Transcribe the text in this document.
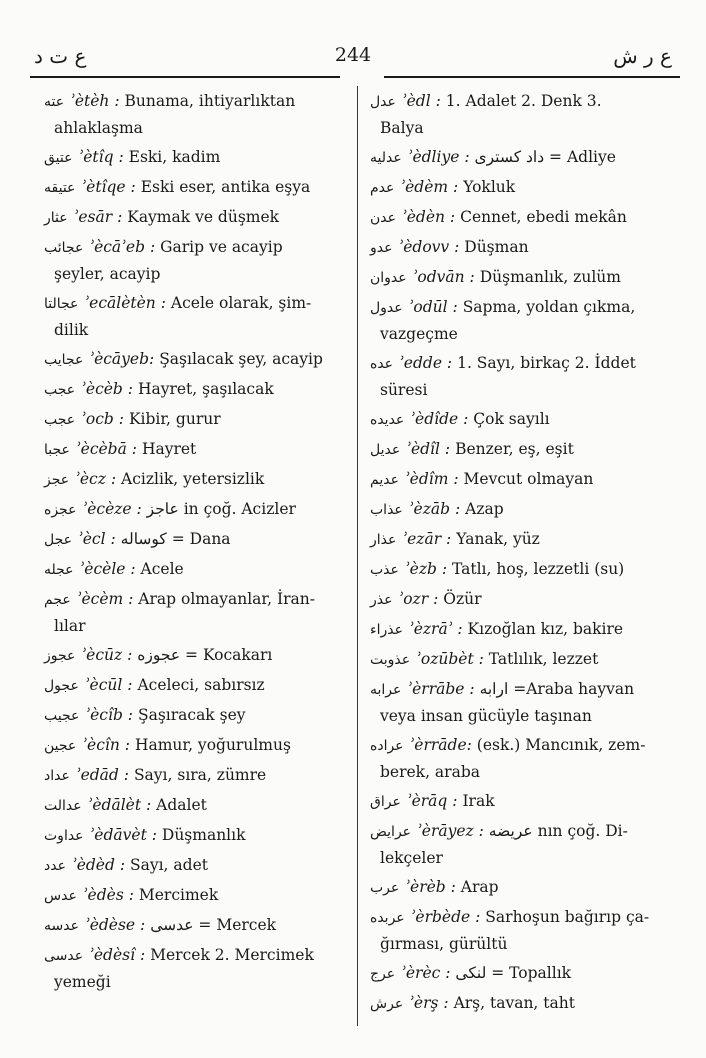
ع ت د	244	ع ر ش
عته ʾètèh : Bunama, ihtiyarlıktan
ahlaklaşma
عتيق ʾètîq : Eski, kadim
عتيقه ʾètîqe : Eski eser, antika eşya
عثار ʾesār : Kaymak ve düşmek
عجائب ʾècāʾeb : Garip ve acayip
şeyler, acayip
عجالتا ʾecālètèn : Acele olarak, şim-
dilik
عجايب ʾècāyeb: Şaşılacak şey, acayip
عجب ʾècèb : Hayret, şaşılacak
عجب ʾocb : Kibir, gurur
عجبا ʾècèbā : Hayret
عجز ʾècz : Acizlik, yetersizlik
عجزه ʾècèze : عاجز in çoğ. Acizler
عجل ʾècl : كوساله = Dana
عجله ʾècèle : Acele
عجم ʾècèm : Arap olmayanlar, İran-
lılar
عجوز ʾècūz : عجوزه = Kocakarı
عجول ʾècūl : Aceleci, sabırsız
عجيب ʾècîb : Şaşıracak şey
عجين ʾècîn : Hamur, yoğurulmuş
عداد ʾedād : Sayı, sıra, zümre
عدالت ʾèdālèt : Adalet
عداوت ʾèdāvèt : Düşmanlık
عدد ʾèdèd : Sayı, adet
عدس ʾèdès : Mercimek
عدسه ʾèdèse : عدسى = Mercek
عدسى ʾèdèsî : Mercek 2. Mercimek
yemeği
عدل ʾèdl : 1. Adalet 2. Denk 3.
Balya
عدليه ʾèdliye : داد كسترى = Adliye
عدم ʾèdèm : Yokluk
عدن ʾèdèn : Cennet, ebedi mekân
عدو ʾèdovv : Düşman
عدوان ʾodvān : Düşmanlık, zulüm
عدول ʾodūl : Sapma, yoldan çıkma,
vazgeçme
عده ʾedde : 1. Sayı, birkaç 2. İddet
süresi
عديده ʾèdîde : Çok sayılı
عديل ʾèdîl : Benzer, eş, eşit
عديم ʾèdîm : Mevcut olmayan
عذاب ʾèzāb : Azap
عذار ʾezār : Yanak, yüz
عذب ʾèzb : Tatlı, hoş, lezzetli (su)
عذر ʾozr : Özür
عذراء ʾèzrāʾ : Kızoğlan kız, bakire
عذوبت ʾozūbèt : Tatlılık, lezzet
عرابه ʾèrrābe : ارابه =Araba hayvan
veya insan gücüyle taşınan
عراده ʾèrrāde: (esk.) Mancınık, zem-
berek, araba
عراق ʾèrāq : Irak
عرايض ʾèrāyez : عريضه nın çoğ. Di-
lekçeler
عرب ʾèrèb : Arap
عربده ʾèrbède : Sarhoşun bağırıp ça-
ğırması, gürültü
عرج ʾèrèc : لنكى = Topallık
عرش ʾèrş : Arş, tavan, taht
